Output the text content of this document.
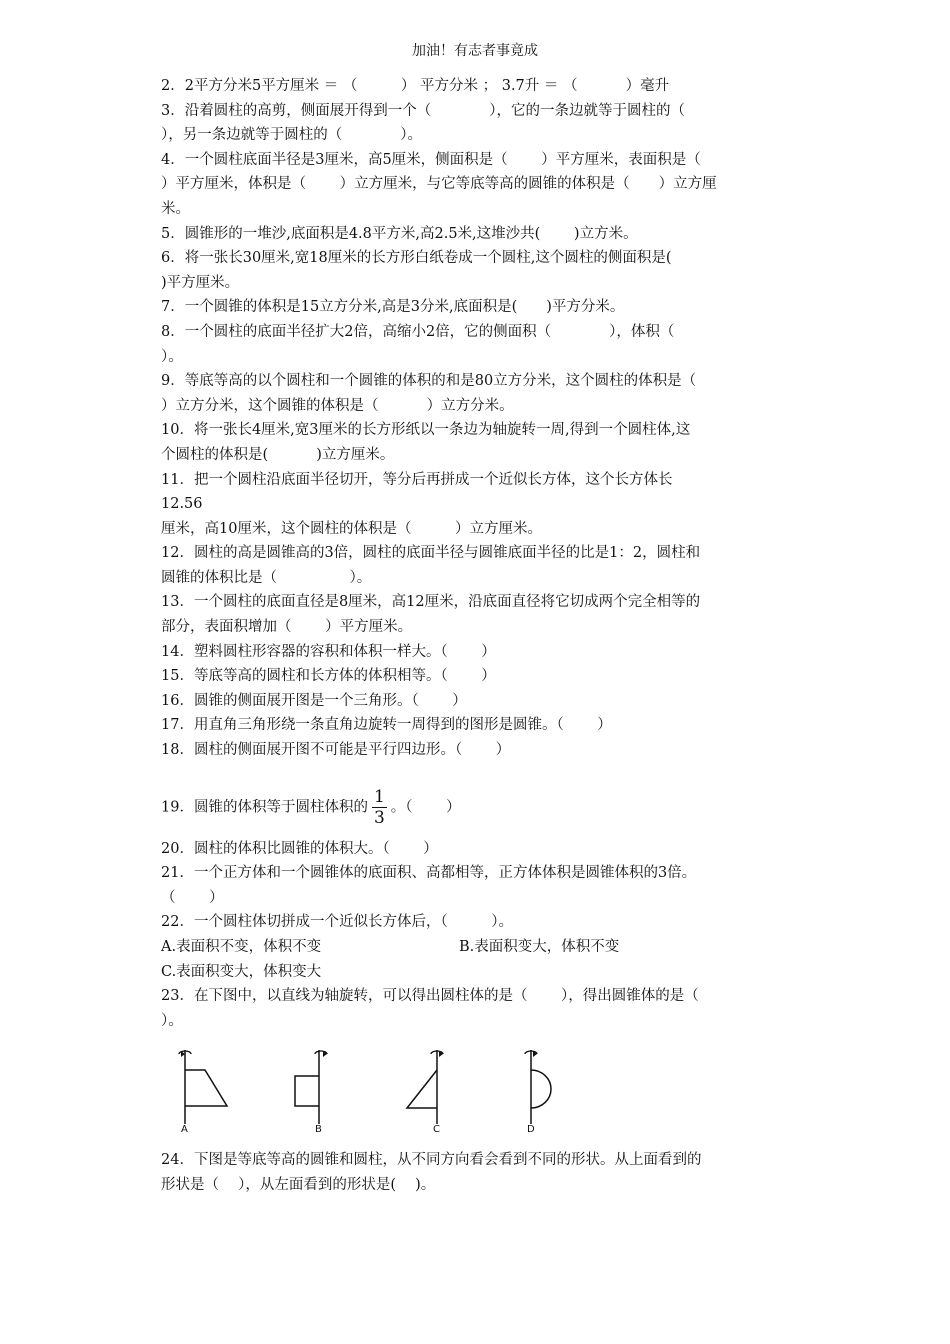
加油！有志者事竟成
2．2平方分米5平方厘米 ＝ （　　　） 平方分米 ； 3.7升 ＝ （　　　 ）毫升
3．沿着圆柱的高剪，侧面展开得到一个（　　　　），它的一条边就等于圆柱的（
），另一条边就等于圆柱的（　　　　）。
4．一个圆柱底面半径是3厘米，高5厘米，侧面积是（　　 ）平方厘米，表面积是（
）平方厘米，体积是（　　 ）立方厘米，与它等底等高的圆锥的体积是（　　）立方厘
米。
5．圆锥形的一堆沙,底面积是4.8平方米,高2.5米,这堆沙共(　　 )立方米。
6．将一张长30厘米,宽18厘米的长方形白纸卷成一个圆柱,这个圆柱的侧面积是(
)平方厘米。
7．一个圆锥的体积是15立方分米,高是3分米,底面积是(　　)平方分米。
8．一个圆柱的底面半径扩大2倍，高缩小2倍，它的侧面积（　　　　），体积（
）。
9．等底等高的以个圆柱和一个圆锥的体积的和是80立方分米，这个圆柱的体积是（
）立方分米，这个圆锥的体积是（　　　 ）立方分米。
10．将一张长4厘米,宽3厘米的长方形纸以一条边为轴旋转一周,得到一个圆柱体,这
个圆柱的体积是(　　　 )立方厘米。
11．把一个圆柱沿底面半径切开，等分后再拼成一个近似长方体，这个长方体长
12.56
厘米，高10厘米，这个圆柱的体积是（　　　）立方厘米。
12．圆柱的高是圆锥高的3倍，圆柱的底面半径与圆锥底面半径的比是1：2，圆柱和
圆锥的体积比是（　　　　　）。
13．一个圆柱的底面直径是8厘米，高12厘米，沿底面直径将它切成两个完全相等的
部分，表面积增加（　　 ）平方厘米。
14．塑料圆柱形容器的容积和体积一样大。（　　 ）
15．等底等高的圆柱和长方体的体积相等。（　　 ）
16．圆锥的侧面展开图是一个三角形。（　　 ）
17．用直角三角形绕一条直角边旋转一周得到的图形是圆锥。（　　 ）
18．圆柱的侧面展开图不可能是平行四边形。（　　 ）
19．圆锥的体积等于圆柱体积的 $\frac{1}{3}$ 。（　　 ）
20．圆柱的体积比圆锥的体积大。（　　 ）
21．一个正方体和一个圆锥体的底面积、高都相等，正方体体积是圆锥体积的3倍。
（　　 ）
22．一个圆柱体切拼成一个近似长方体后，（　　　）。
A.表面积不变，体积不变	B.表面积变大，体积不变
C.表面积变大，体积变大
23．在下图中，以直线为轴旋转，可以得出圆柱体的是（　　 ），得出圆锥体的是（
）。
A	B	C	D
24．下图是等底等高的圆锥和圆柱，从不同方向看会看到不同的形状。从上面看到的
形状是（　 ），从左面看到的形状是(　 )。
